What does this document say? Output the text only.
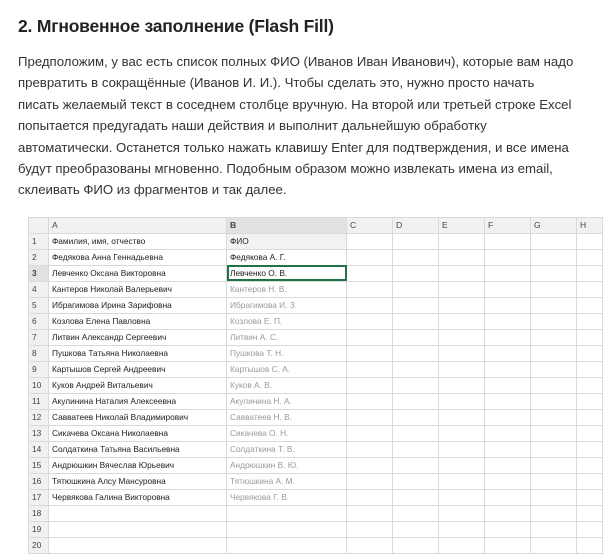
2. Мгновенное заполнение (Flash Fill)

Предположим, у вас есть список полных ФИО (Иванов Иван Иванович), которые вам надо превратить в сокращённые (Иванов И. И.). Чтобы сделать это, нужно просто начать писать желаемый текст в соседнем столбце вручную. На второй или третьей строке Excel попытается предугадать наши действия и выполнит дальнейшую обработку автоматически. Останется только нажать клавишу Enter для подтверждения, и все имена будут преобразованы мгновенно. Подобным образом можно извлекать имена из email, склеивать ФИО из фрагментов и так далее.

	A	B	C	D	E	F	G	H
1	Фамилия, имя, отчество	ФИО						
2	Федякова Анна Геннадьевна	Федякова А. Г.						
3	Левченко Оксана Викторовна	Левченко О. В.						
4	Кантеров Николай Валерьевич	Кантеров Н. В.						
5	Ибрагимова Ирина Зарифовна	Ибрагимова И. З.						
6	Козлова Елена Павловна	Козлова Е. П.						
7	Литвин Александр Сергеевич	Литвин А. С.						
8	Пушкова Татьяна Николаевна	Пушкова Т. Н.						
9	Картышов Сергей Андреевич	Картышов С. А.						
10	Куков Андрей Витальевич	Куков А. В.						
11	Акулинина Наталия Алексеевна	Акулинина Н. А.						
12	Савватеев Николай Владимирович	Савватеев Н. В.						
13	Сикачева Оксана Николаевна	Сикачева О. Н.						
14	Солдаткина Татьяна Васильевна	Солдаткина Т. В.						
15	Андрюшкин Вячеслав Юрьевич	Андрюшкин В. Ю.						
16	Тятюшкина Алсу Мансуровна	Тятюшкина А. М.						
17	Червякова Галина Викторовна	Червякова Г. В.						
18								
19								
20								
